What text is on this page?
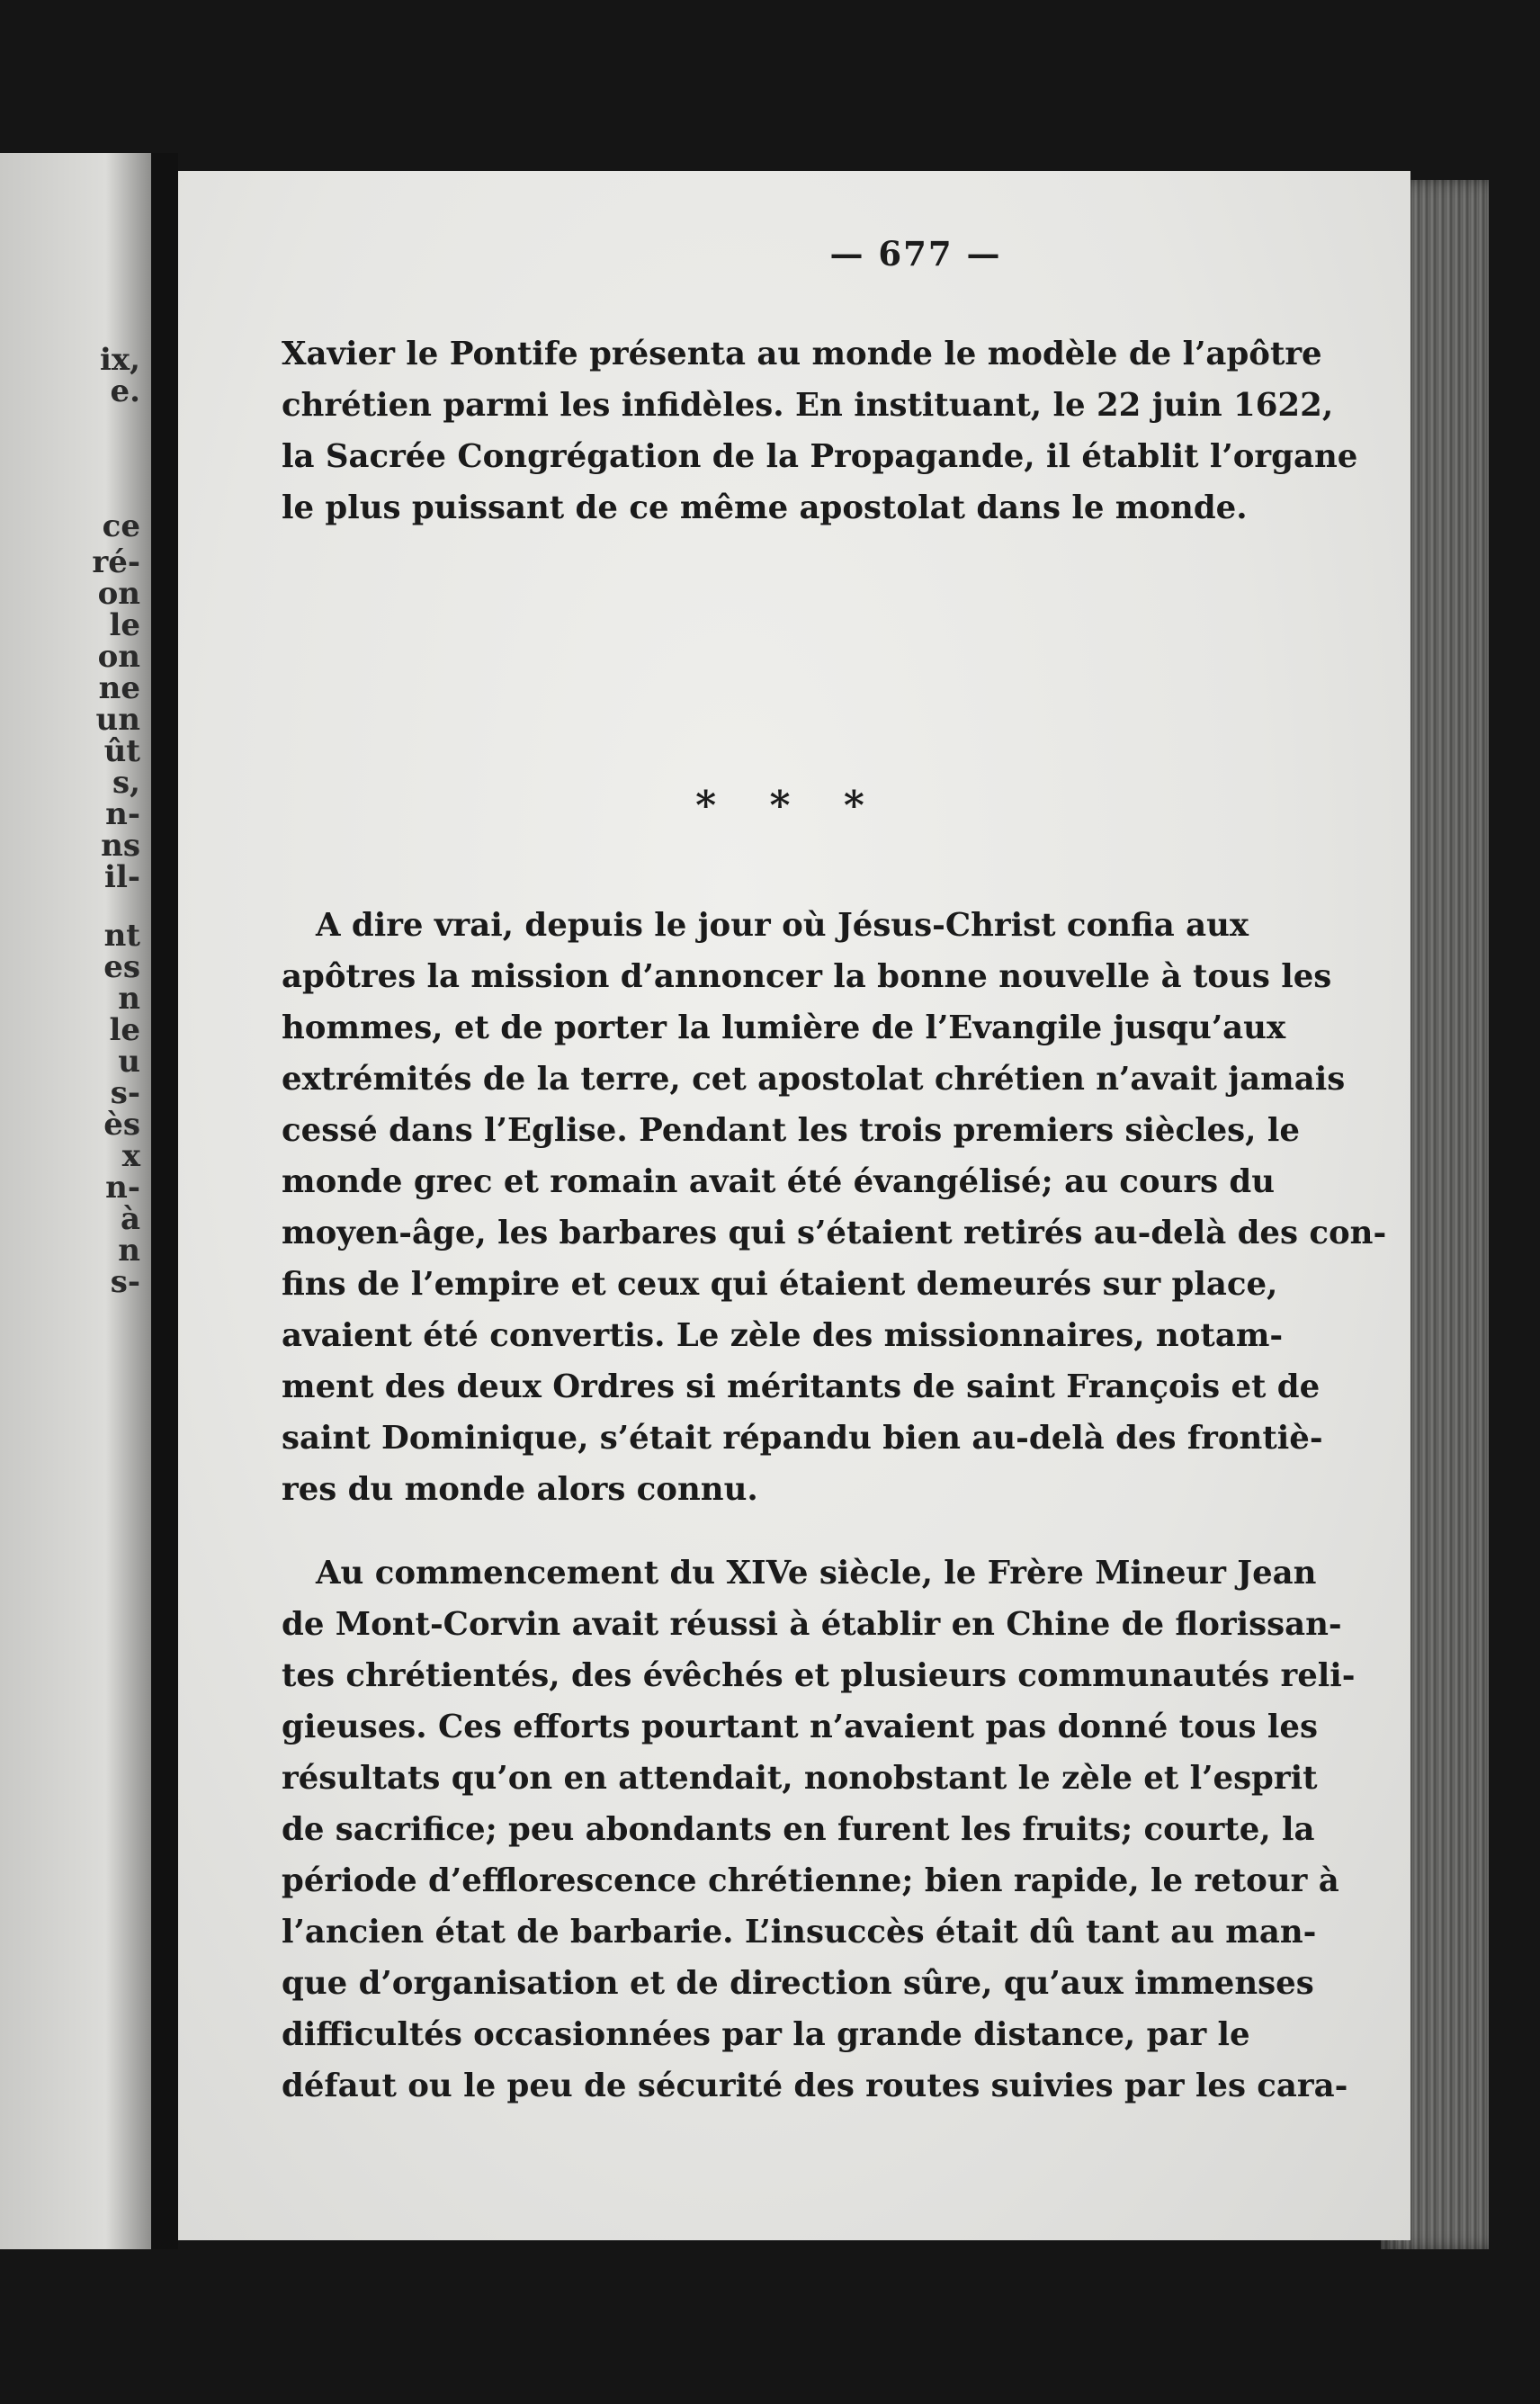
ix,
e.
ce
ré-
on
le
on
ne
un
ût
s,
n-
ns
il-
nt
es
n
le
u
s-
ès
x
n-
à
n
s-
— 677 —
Xavier le Pontife présenta au monde le modèle de l’apôtre
chrétien parmi les infidèles. En instituant, le 22 juin 1622,
la Sacrée Congrégation de la Propagande, il établit l’organe
le plus puissant de ce même apostolat dans le monde.
* * *
A dire vrai, depuis le jour où Jésus-Christ confia aux
apôtres la mission d’annoncer la bonne nouvelle à tous les
hommes, et de porter la lumière de l’Evangile jusqu’aux
extrémités de la terre, cet apostolat chrétien n’avait jamais
cessé dans l’Eglise. Pendant les trois premiers siècles, le
monde grec et romain avait été évangélisé; au cours du
moyen-âge, les barbares qui s’étaient retirés au-delà des con-
fins de l’empire et ceux qui étaient demeurés sur place,
avaient été convertis. Le zèle des missionnaires, notam-
ment des deux Ordres si méritants de saint François et de
saint Dominique, s’était répandu bien au-delà des frontiè-
res du monde alors connu.
Au commencement du XIVe siècle, le Frère Mineur Jean
de Mont-Corvin avait réussi à établir en Chine de florissan-
tes chrétientés, des évêchés et plusieurs communautés reli-
gieuses. Ces efforts pourtant n’avaient pas donné tous les
résultats qu’on en attendait, nonobstant le zèle et l’esprit
de sacrifice; peu abondants en furent les fruits; courte, la
période d’efflorescence chrétienne; bien rapide, le retour à
l’ancien état de barbarie. L’insuccès était dû tant au man-
que d’organisation et de direction sûre, qu’aux immenses
difficultés occasionnées par la grande distance, par le
défaut ou le peu de sécurité des routes suivies par les cara-
